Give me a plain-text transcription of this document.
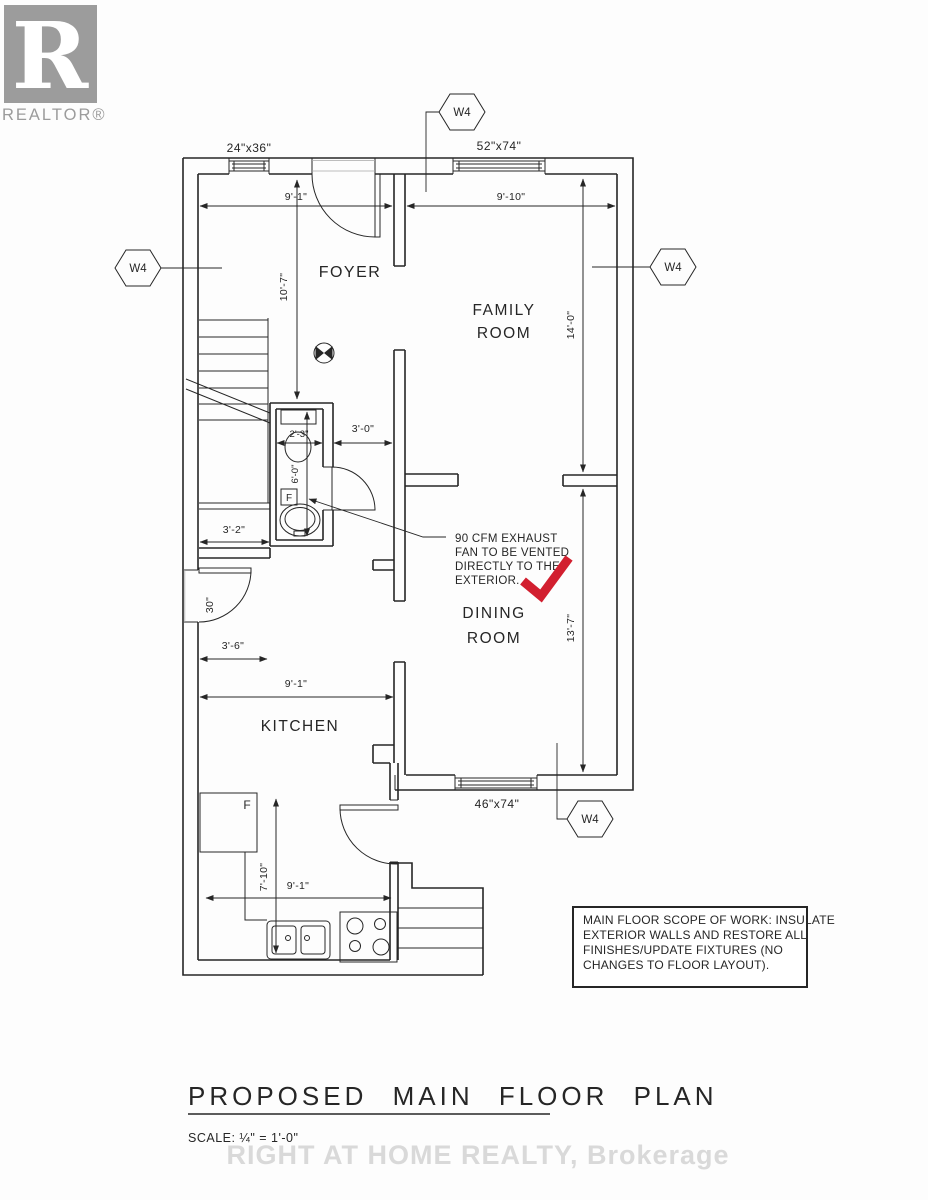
R
REALTOR®
F
F
9'-1"	9'-10"
10'-7"
14'-0"
13'-7"
2'-3"	3'-0"
6'-0"
3'-2"
30"
3'-6"
9'-1"
7'-10" 9'-1"
W4
W4	W4
W4
24"x36"	52"x74"
46"x74"
FOYER
FAMILY
ROOM
DINING
ROOM
KITCHEN
90 CFM EXHAUST
FAN TO BE VENTED
DIRECTLY TO THE
EXTERIOR.
MAIN FLOOR SCOPE OF WORK: INSULATE
EXTERIOR WALLS AND RESTORE ALL
FINISHES/UPDATE FIXTURES (NO
CHANGES TO FLOOR LAYOUT).
PROPOSED MAIN FLOOR PLAN
SCALE: ¼" = 1'-0"
RIGHT AT HOME REALTY, Brokerage
